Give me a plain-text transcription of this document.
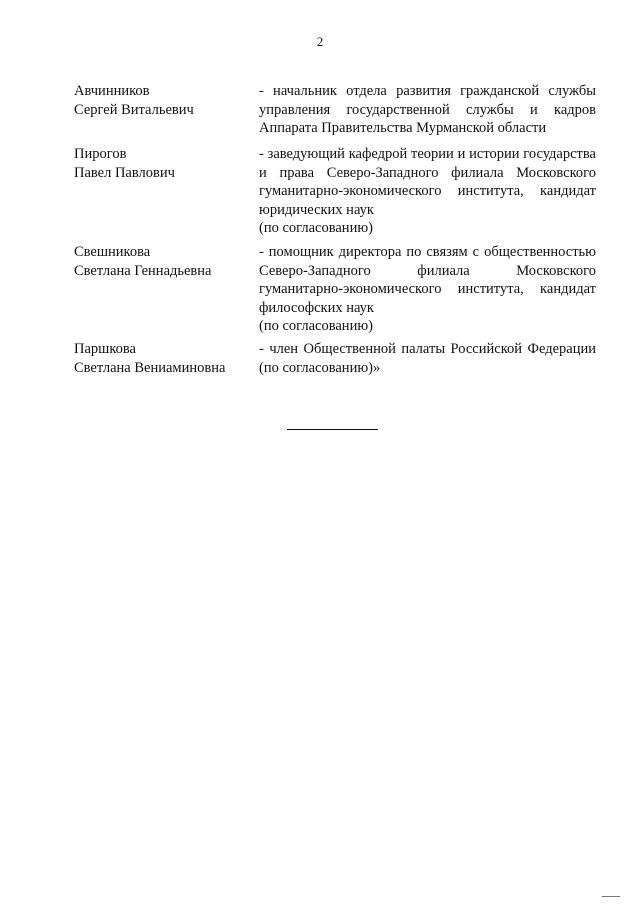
2
Авчинников
Сергей Витальевич
- начальник отдела развития гражданской службы управления государственной службы и кадров Аппарата Правительства Мурманской области
Пирогов
Павел Павлович
- заведующий кафедрой теории и истории государства и права Северо-Западного филиала Московского гуманитарно-экономического института, кандидат юридических наук
(по согласованию)
Свешникова
Светлана Геннадьевна
- помощник директора по связям с общественностью Северо-Западного филиала Московского гуманитарно-экономического института, кандидат философских наук
(по согласованию)
Паршкова
Светлана Вениаминовна
- член Общественной палаты Российской Федерации (по согласованию)»
